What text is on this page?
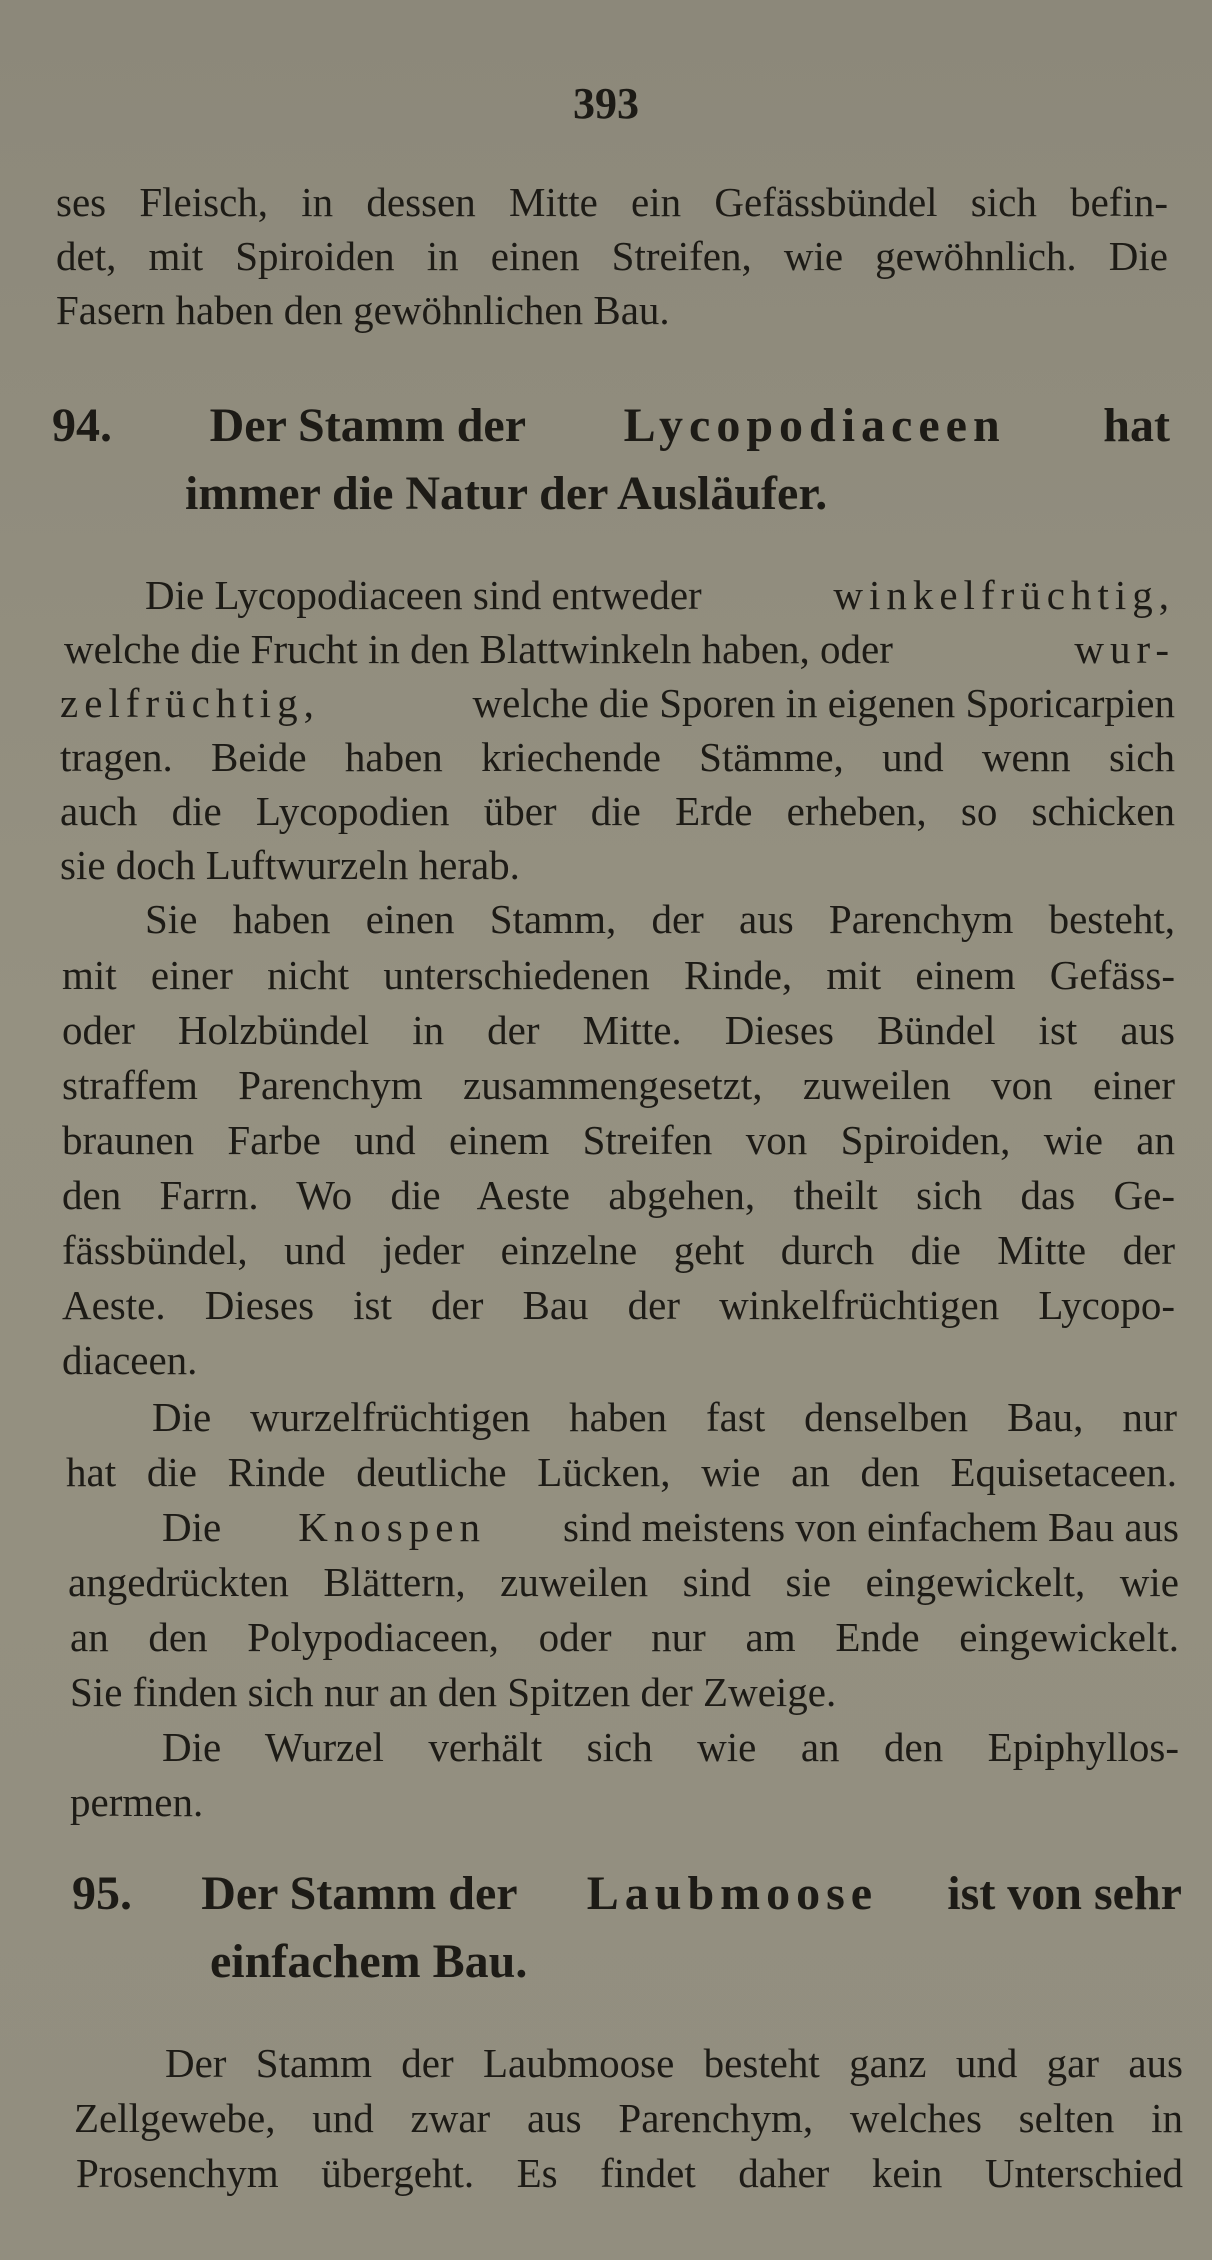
393
ses Fleisch, in dessen Mitte ein Gefässbündel sich befin-
det, mit Spiroiden in einen Streifen, wie gewöhnlich. Die
Fasern haben den gewöhnlichen Bau.
94. Der Stamm der Lycopodiaceen hat
immer die Natur der Ausläufer.
Die Lycopodiaceen sind entweder	winkelfrüchtig,
welche die Frucht in den Blattwinkeln haben, oder	wur-
zelfrüchtig,	welche die Sporen in eigenen Sporicarpien
tragen. Beide haben kriechende Stämme, und wenn sich
auch die Lycopodien über die Erde erheben, so schicken
sie doch Luftwurzeln herab.
Sie haben einen Stamm, der aus Parenchym besteht,
mit einer nicht unterschiedenen Rinde, mit einem Gefäss-
oder Holzbündel in der Mitte. Dieses Bündel ist aus
straffem Parenchym zusammengesetzt, zuweilen von einer
braunen Farbe und einem Streifen von Spiroiden, wie an
den Farrn. Wo die Aeste abgehen, theilt sich das Ge-
fässbündel, und jeder einzelne geht durch die Mitte der
Aeste. Dieses ist der Bau der winkelfrüchtigen Lycopo-
diaceen.
Die wurzelfrüchtigen haben fast denselben Bau, nur
hat die Rinde deutliche Lücken, wie an den Equisetaceen.
Die Knospen sind meistens von einfachem Bau aus
angedrückten Blättern, zuweilen sind sie eingewickelt, wie
an den Polypodiaceen, oder nur am Ende eingewickelt.
Sie finden sich nur an den Spitzen der Zweige.
Die Wurzel verhält sich wie an den Epiphyllos-
permen.
95. Der Stamm der Laubmoose ist von sehr
einfachem Bau.
Der Stamm der Laubmoose besteht ganz und gar aus
Zellgewebe, und zwar aus Parenchym, welches selten in
Prosenchym übergeht. Es findet daher kein Unterschied
